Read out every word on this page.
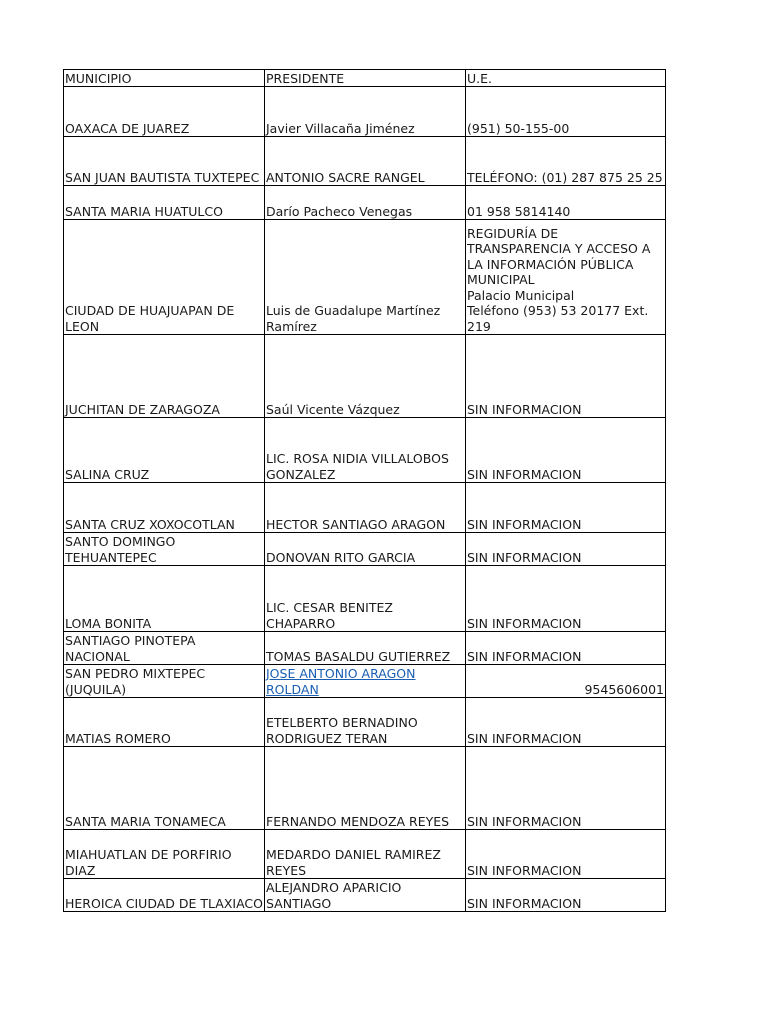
MUNICIPIO	PRESIDENTE	U.E.
OAXACA DE JUAREZ	Javier Villacaña Jiménez	(951) 50-155-00
SAN JUAN BAUTISTA TUXTEPEC	ANTONIO SACRE RANGEL	TELÉFONO: (01) 287 875 25 25
SANTA MARIA HUATULCO	Darío Pacheco Venegas	01 958 5814140
CIUDAD DE HUAJUAPAN DE LEON	Luis de Guadalupe Martínez Ramírez	REGIDURÍA DE TRANSPARENCIA Y ACCESO A LA INFORMACIÓN PÚBLICA MUNICIPAL
Palacio Municipal
Teléfono (953) 53 20177 Ext. 219
JUCHITAN DE ZARAGOZA	Saúl Vicente Vázquez	SIN INFORMACION
SALINA CRUZ	LIC. ROSA NIDIA VILLALOBOS GONZALEZ	SIN INFORMACION
SANTA CRUZ XOXOCOTLAN	HECTOR SANTIAGO ARAGON	SIN INFORMACION
SANTO DOMINGO TEHUANTEPEC	DONOVAN RITO GARCIA	SIN INFORMACION
LOMA BONITA	LIC. CESAR BENITEZ CHAPARRO	SIN INFORMACION
SANTIAGO PINOTEPA NACIONAL	TOMAS BASALDU GUTIERREZ	SIN INFORMACION
SAN PEDRO MIXTEPEC (JUQUILA)	JOSE ANTONIO ARAGON ROLDAN	9545606001
MATIAS ROMERO	ETELBERTO BERNADINO RODRIGUEZ TERAN	SIN INFORMACION
SANTA MARIA TONAMECA	FERNANDO MENDOZA REYES	SIN INFORMACION
MIAHUATLAN DE PORFIRIO DIAZ	MEDARDO DANIEL RAMIREZ REYES	SIN INFORMACION
HEROICA CIUDAD DE TLAXIACO	ALEJANDRO APARICIO SANTIAGO	SIN INFORMACION
